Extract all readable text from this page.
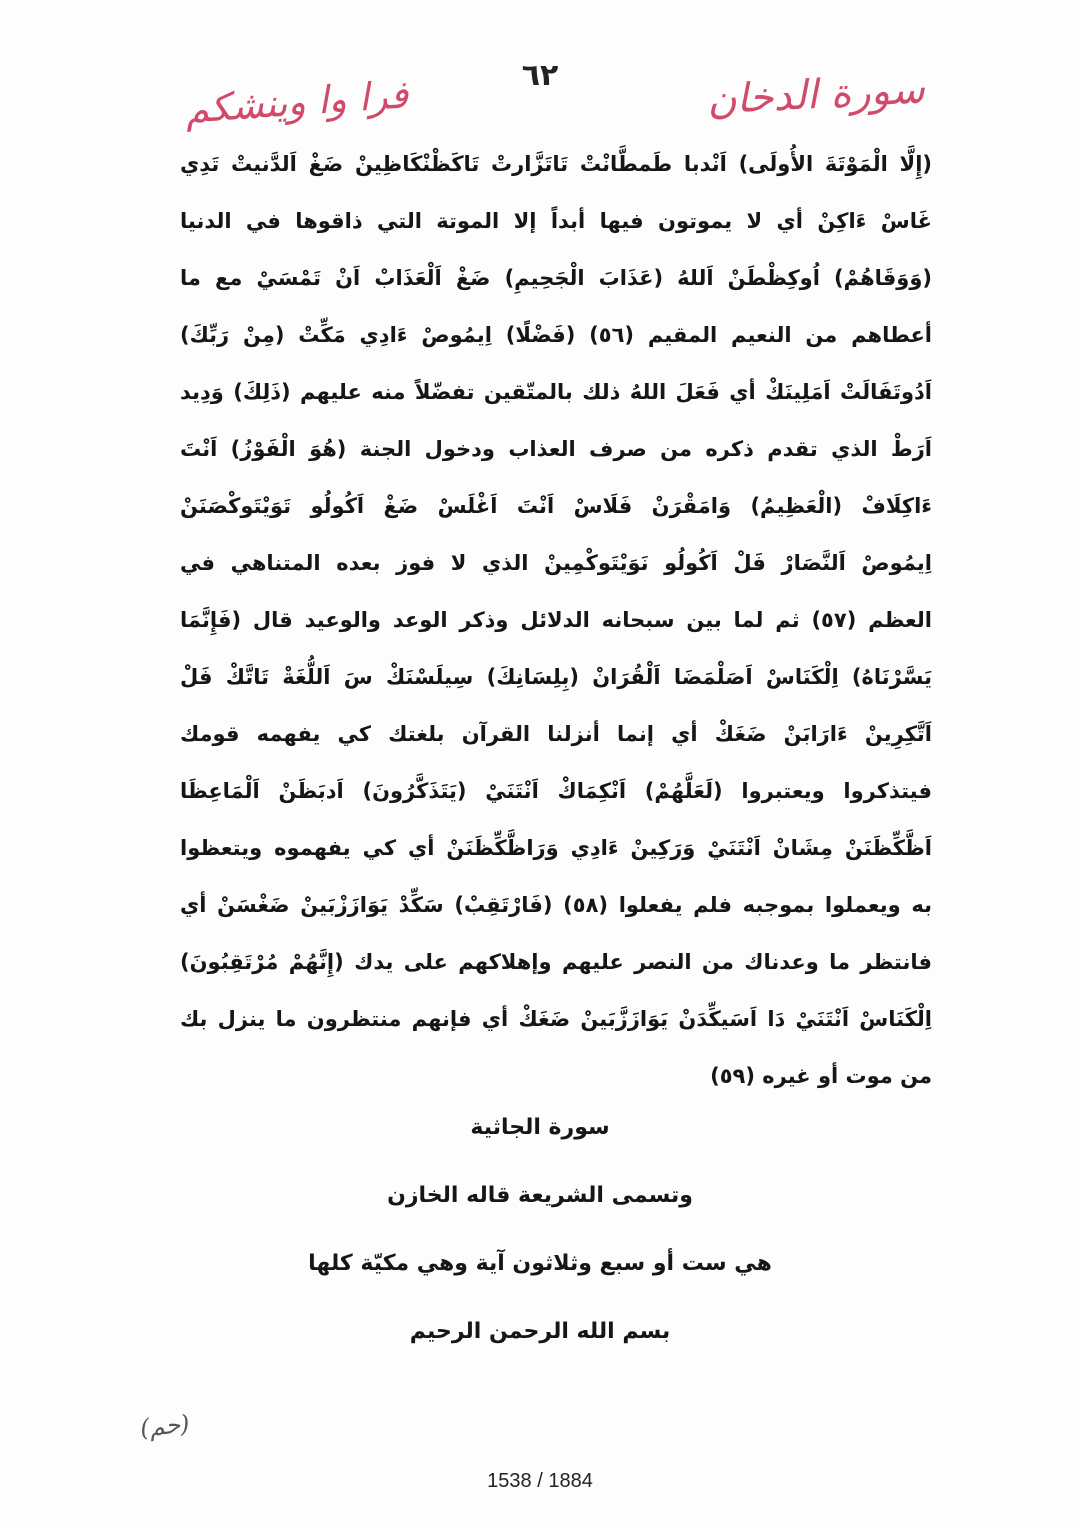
٦٢	سورة الدخان
فرا وا وينشكم
(إِلَّا الْمَوْتَةَ الأُولَى) اَنْدبا طَمطَّانْتْ تَاتَزَّارتْ تَاكَظْنْكَاظِينْ ضَغْ اَلدَّنيتْ تَدِي
غَاسْ ءَاكِنْ أي لا يموتون فيها أبداً إلا الموتة التي ذاقوها في الدنيا
(وَوَقَاهُمْ) اُوكِظْطَنْ اَللهُ (عَذَابَ الْجَحِيمِ) ضَغْ اَلْعَذَابْ اَنْ تَمْسَيْ مع ما
أعطاهم من النعيم المقيم (٥٦) (فَضْلًا) اِيمُوصْ ءَادِي مَكِّتْ (مِنْ رَبِّكَ)
اَدُوتَفَالَتْ اَمَلِينَكْ أي فَعَلَ اللهُ ذلك بالمتّقين تفضّلاً منه عليهم (ذَلِكَ) وَدِيد
اَرَطْ الذي تقدم ذكره من صرف العذاب ودخول الجنة (هُوَ الْفَوْزُ) اَنْتَ
ءَاكِلَافْ (الْعَظِيمُ) وَامَقْرَنْ فَلَاسْ اَنْتَ اَغْلَسْ ضَغْ اَكُولُو تَوَيْتَوكْصَنَنْ
اِيمُوصْ اَلنَّصَارْ فَلْ اَكُولُو نَوَيْتَوكْمِينْ الذي لا فوز بعده المتناهي في
العظم (٥٧) ثم لما بين سبحانه الدلائل وذكر الوعد والوعيد قال (فَإِنَّمَا
يَسَّرْنَاهُ) اِلْكَنَاسْ اَصَلْمَضَا اَلْقُرَانْ (بِلِسَانِكَ) سِيلَسْنَكْ سَ اَللُّغَةْ تَاتَّكْ فَلْ
اَتَّكِرِينْ ءَارَابَنْ ضَغَكْ أي إنما أنزلنا القرآن بلغتك كي يفهمه قومك
فيتذكروا ويعتبروا (لَعَلَّهُمْ) اَنْكِمَاكْ اَنْتَنَيْ (يَتَذَكَّرُونَ) اَدبَظَنْ اَلْمَاعِظَا
اَظَّكِّظَنَنْ مِشَانْ اَنْتَنَيْ وَرَكِينْ ءَادِي وَرَاظَّكِّظَنَنْ أي كي يفهموه ويتعظوا
به ويعملوا بموجبه فلم يفعلوا (٥٨) (فَارْتَقِبْ) سَكِّدْ يَوَازَزْبَينْ ضَغْسَنْ أي
فانتظر ما وعدناك من النصر عليهم وإهلاكهم على يدك (إِنَّهُمْ مُرْتَقِبُونَ)
اِلْكَنَاسْ اَنْتَنَيْ دَا اَسَيكِّدَنْ يَوَازَزَّبَينْ ضَغَكْ أي فإنهم منتظرون ما ينزل بك
من موت أو غيره (٥٩)
سورة الجاثية
وتسمى الشريعة قاله الخازن
هي ست أو سبع وثلاثون آية وهي مكيّة كلها
بسم الله الرحمن الرحيم
(حم)
1538 / 1884
